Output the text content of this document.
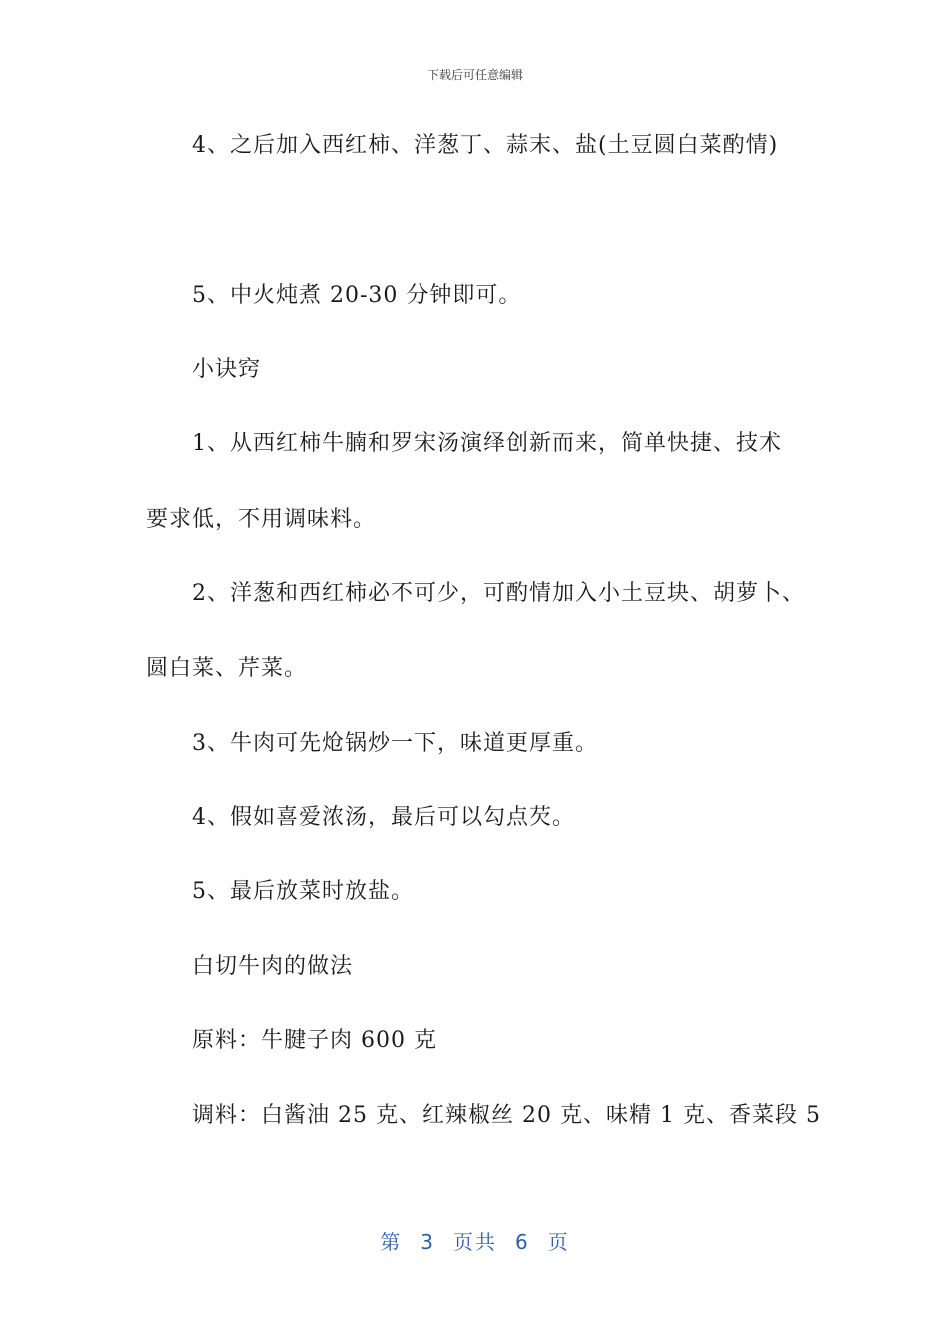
下载后可任意编辑
4、之后加入西红柿、洋葱丁、蒜末、盐(土豆圆白菜酌情)
5、中火炖煮 20-30 分钟即可。
小诀窍
1、从西红柿牛腩和罗宋汤演绎创新而来，简单快捷、技术
要求低，不用调味料。
2、洋葱和西红柿必不可少，可酌情加入小土豆块、胡萝卜、
圆白菜、芹菜。
3、牛肉可先炝锅炒一下，味道更厚重。
4、假如喜爱浓汤，最后可以勾点芡。
5、最后放菜时放盐。
白切牛肉的做法
原料：牛腱子肉 600 克
调料：白酱油 25 克、红辣椒丝 20 克、味精 1 克、香菜段 5
第 3 页共 6 页
